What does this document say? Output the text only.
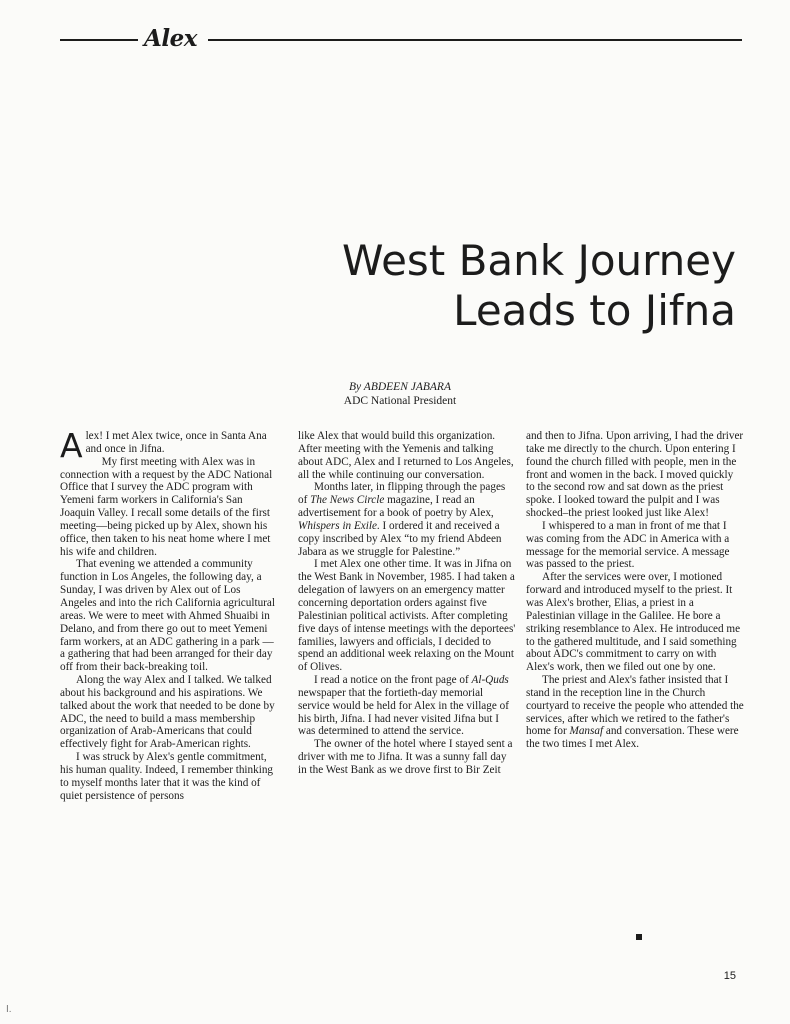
Alex
West Bank Journey
Leads to Jifna
By ABDEEN JABARA
ADC National President

Alex! I met Alex twice, once in Santa Ana and once in Jifna.

My first meeting with Alex was in connection with a request by the ADC National Office that I survey the ADC program with Yemeni farm workers in California's San Joaquin Valley. I recall some details of the first meeting—being picked up by Alex, shown his office, then taken to his neat home where I met his wife and children.

That evening we attended a community function in Los Angeles, the following day, a Sunday, I was driven by Alex out of Los Angeles and into the rich California agricultural areas. We were to meet with Ahmed Shuaibi in Delano, and from there go out to meet Yemeni farm workers, at an ADC gathering in a park — a gathering that had been arranged for their day off from their back-breaking toil.

Along the way Alex and I talked. We talked about his background and his aspirations. We talked about the work that needed to be done by ADC, the need to build a mass membership organization of Arab-Americans that could effectively fight for Arab-American rights.

I was struck by Alex's gentle commitment, his human quality. Indeed, I remember thinking to myself months later that it was the kind of quiet persistence of persons

like Alex that would build this organization. After meeting with the Yemenis and talking about ADC, Alex and I returned to Los Angeles, all the while continuing our conversation.

Months later, in flipping through the pages of The News Circle magazine, I read an advertisement for a book of poetry by Alex, Whispers in Exile. I ordered it and received a copy inscribed by Alex “to my friend Abdeen Jabara as we struggle for Palestine.”

I met Alex one other time. It was in Jifna on the West Bank in November, 1985. I had taken a delegation of lawyers on an emergency matter concerning deportation orders against five Palestinian political activists. After completing five days of intense meetings with the deportees' families, lawyers and officials, I decided to spend an additional week relaxing on the Mount of Olives.

I read a notice on the front page of Al-Quds newspaper that the fortieth-day memorial service would be held for Alex in the village of his birth, Jifna. I had never visited Jifna but I was determined to attend the service.

The owner of the hotel where I stayed sent a driver with me to Jifna. It was a sunny fall day in the West Bank as we drove first to Bir Zeit

and then to Jifna. Upon arriving, I had the driver take me directly to the church. Upon entering I found the church filled with people, men in the front and women in the back. I moved quickly to the second row and sat down as the priest spoke. I looked toward the pulpit and I was shocked–the priest looked just like Alex!

I whispered to a man in front of me that I was coming from the ADC in America with a message for the memorial service. A message was passed to the priest.

After the services were over, I motioned forward and introduced myself to the priest. It was Alex's brother, Elias, a priest in a Palestinian village in the Galilee. He bore a striking resemblance to Alex. He introduced me to the gathered multitude, and I said something about ADC's commitment to carry on with Alex's work, then we filed out one by one.

The priest and Alex's father insisted that I stand in the reception line in the Church courtyard to receive the people who attended the services, after which we retired to the father's home for Mansaf and conversation. These were the two times I met Alex.

15
I.
